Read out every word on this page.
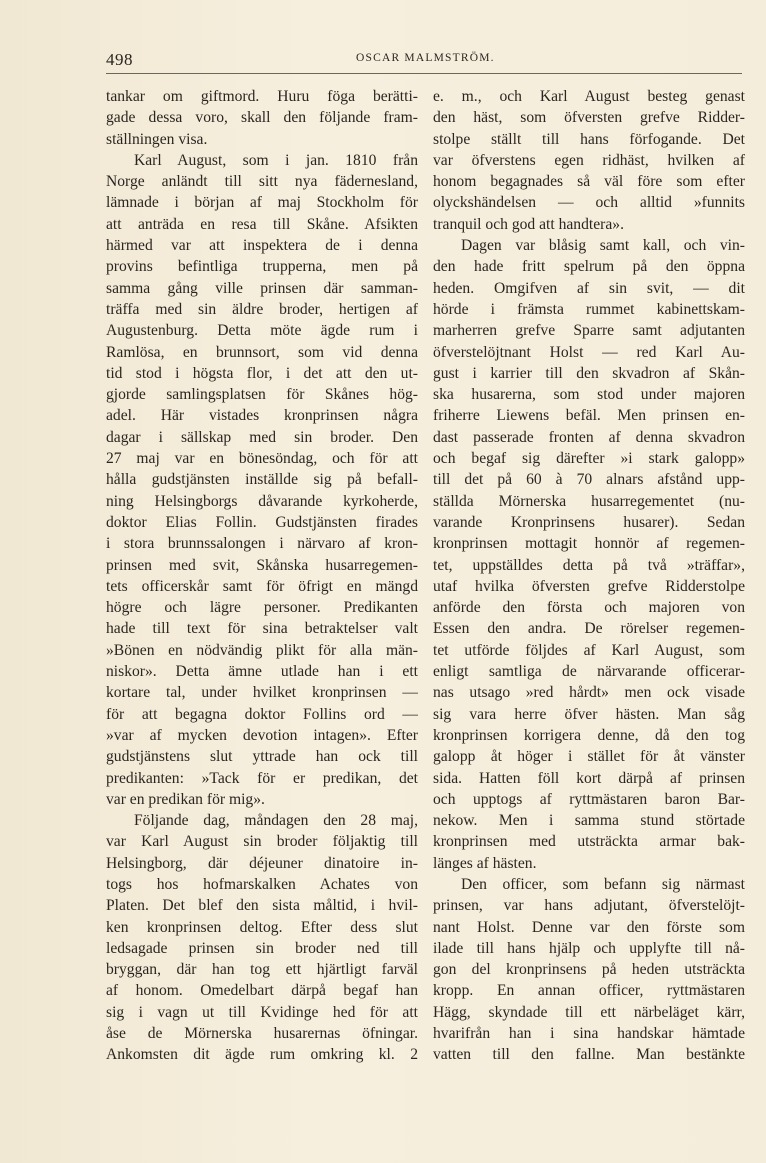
498	OSCAR MALMSTRÖM.
tankar om giftmord. Huru föga berätti-
gade dessa voro, skall den följande fram-
ställningen visa.
Karl August, som i jan. 1810 från
Norge anländt till sitt nya fädernesland,
lämnade i början af maj Stockholm för
att anträda en resa till Skåne. Afsikten
härmed var att inspektera de i denna
provins befintliga trupperna, men på
samma gång ville prinsen där samman-
träffa med sin äldre broder, hertigen af
Augustenburg. Detta möte ägde rum i
Ramlösa, en brunnsort, som vid denna
tid stod i högsta flor, i det att den ut-
gjorde samlingsplatsen för Skånes hög-
adel. Här vistades kronprinsen några
dagar i sällskap med sin broder. Den
27 maj var en bönesöndag, och för att
hålla gudstjänsten inställde sig på befall-
ning Helsingborgs dåvarande kyrkoherde,
doktor Elias Follin. Gudstjänsten firades
i stora brunnssalongen i närvaro af kron-
prinsen med svit, Skånska husarregemen-
tets officerskår samt för öfrigt en mängd
högre och lägre personer. Predikanten
hade till text för sina betraktelser valt
»Bönen en nödvändig plikt för alla män-
niskor». Detta ämne utlade han i ett
kortare tal, under hvilket kronprinsen —
för att begagna doktor Follins ord —
»var af mycken devotion intagen». Efter
gudstjänstens slut yttrade han ock till
predikanten: »Tack för er predikan, det
var en predikan för mig».
Följande dag, måndagen den 28 maj,
var Karl August sin broder följaktig till
Helsingborg, där déjeuner dinatoire in-
togs hos hofmarskalken Achates von
Platen. Det blef den sista måltid, i hvil-
ken kronprinsen deltog. Efter dess slut
ledsagade prinsen sin broder ned till
bryggan, där han tog ett hjärtligt farväl
af honom. Omedelbart därpå begaf han
sig i vagn ut till Kvidinge hed för att
åse de Mörnerska husarernas öfningar.
Ankomsten dit ägde rum omkring kl. 2
e. m., och Karl August besteg genast
den häst, som öfversten grefve Ridder-
stolpe ställt till hans förfogande. Det
var öfverstens egen ridhäst, hvilken af
honom begagnades så väl före som efter
olyckshändelsen — och alltid »funnits
tranquil och god att handtera».
Dagen var blåsig samt kall, och vin-
den hade fritt spelrum på den öppna
heden. Omgifven af sin svit, — dit
hörde i främsta rummet kabinettskam-
marherren grefve Sparre samt adjutanten
öfverstelöjtnant Holst — red Karl Au-
gust i karrier till den skvadron af Skån-
ska husarerna, som stod under majoren
friherre Liewens befäl. Men prinsen en-
dast passerade fronten af denna skvadron
och begaf sig därefter »i stark galopp»
till det på 60 à 70 alnars afstånd upp-
ställda Mörnerska husarregementet (nu-
varande Kronprinsens husarer). Sedan
kronprinsen mottagit honnör af regemen-
tet, uppställdes detta på två »träffar»,
utaf hvilka öfversten grefve Ridderstolpe
anförde den första och majoren von
Essen den andra. De rörelser regemen-
tet utförde följdes af Karl August, som
enligt samtliga de närvarande officerar-
nas utsago »red hårdt» men ock visade
sig vara herre öfver hästen. Man såg
kronprinsen korrigera denne, då den tog
galopp åt höger i stället för åt vänster
sida. Hatten föll kort därpå af prinsen
och upptogs af ryttmästaren baron Bar-
nekow. Men i samma stund störtade
kronprinsen med utsträckta armar bak-
länges af hästen.
Den officer, som befann sig närmast
prinsen, var hans adjutant, öfverstelöjt-
nant Holst. Denne var den förste som
ilade till hans hjälp och upplyfte till nå-
gon del kronprinsens på heden utsträckta
kropp. En annan officer, ryttmästaren
Hägg, skyndade till ett närbeläget kärr,
hvarifrån han i sina handskar hämtade
vatten till den fallne. Man bestänkte
